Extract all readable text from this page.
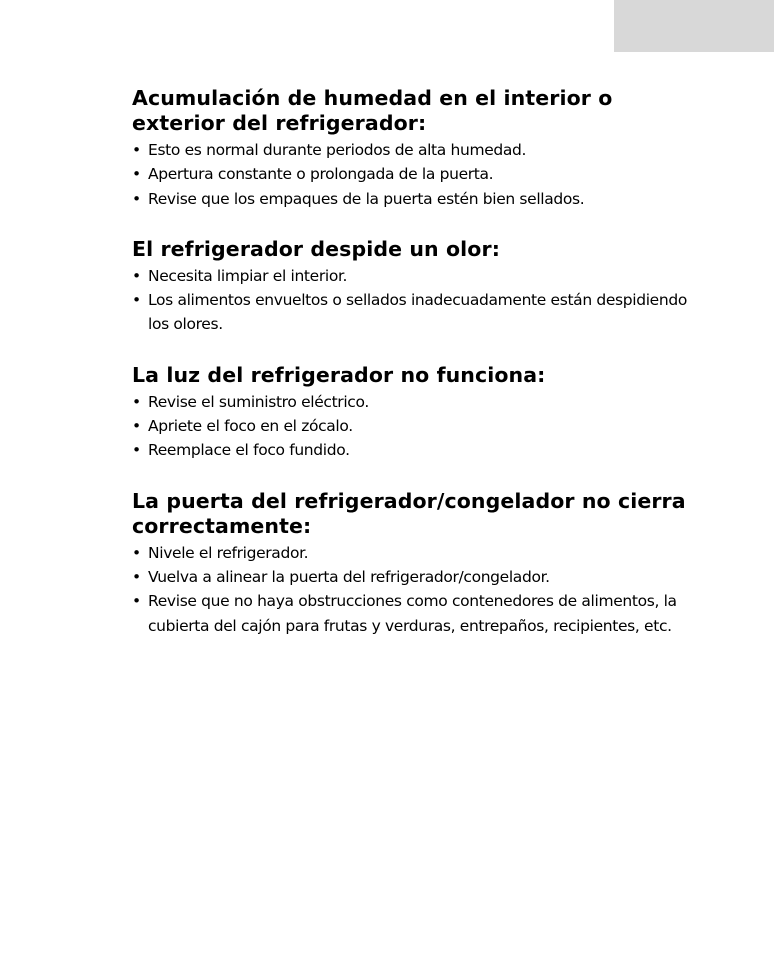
Acumulación de humedad en el interior o exterior del refrigerador:
• Esto es normal durante periodos de alta humedad.
• Apertura constante o prolongada de la puerta.
• Revise que los empaques de la puerta estén bien sellados.
El refrigerador despide un olor:
• Necesita limpiar el interior.
• Los alimentos envueltos o sellados inadecuadamente están despidiendo los olores.
La luz del refrigerador no funciona:
• Revise el suministro eléctrico.
• Apriete el foco en el zócalo.
• Reemplace el foco fundido.
La puerta del refrigerador/congelador no cierra correctamente:
• Nivele el refrigerador.
• Vuelva a alinear la puerta del refrigerador/congelador.
• Revise que no haya obstrucciones como contenedores de alimentos, la cubierta del cajón para frutas y verduras, entrepaños, recipientes, etc.
